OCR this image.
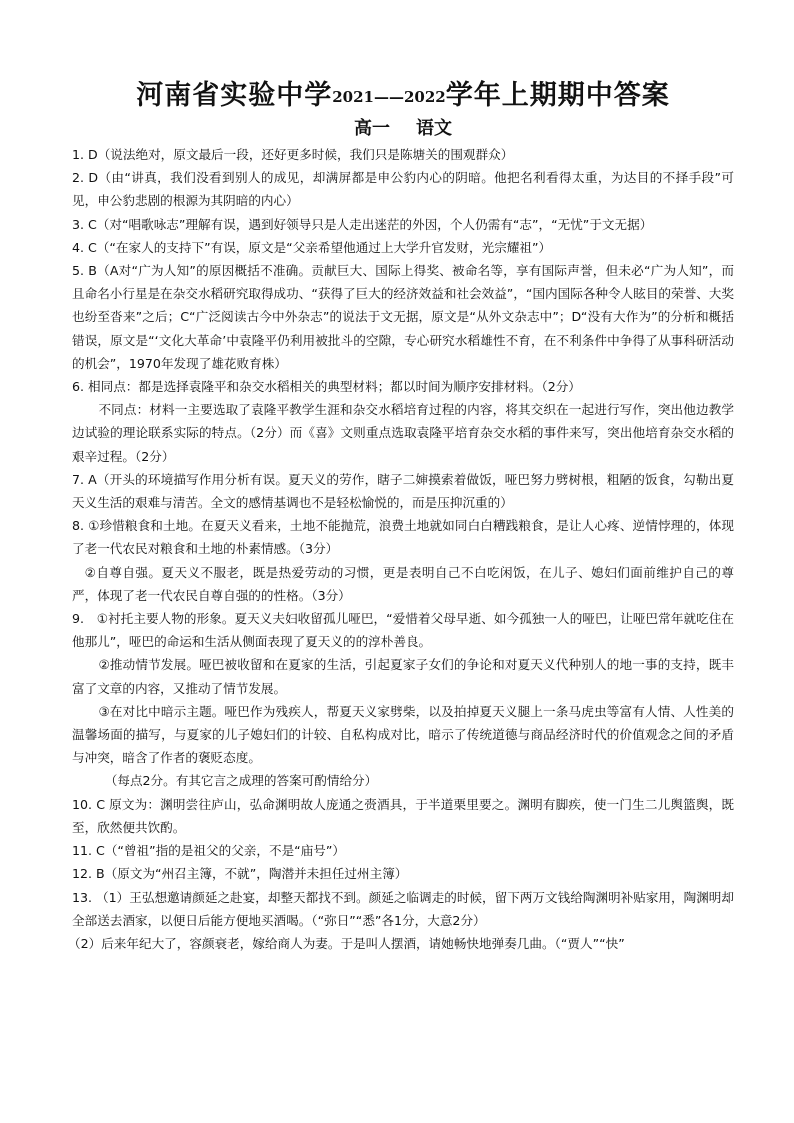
河南省实验中学2021——2022学年上期期中答案
高一 语文

1. D（说法绝对，原文最后一段，还好更多时候，我们只是陈塘关的围观群众）

2. D（由“讲真，我们没看到别人的成见，却满屏都是申公豹内心的阴暗。他把名利看得太重，为达目的不择手段”可见，申公豹悲剧的根源为其阴暗的内心）

3. C（对“唱歌咏志”理解有误，遇到好领导只是人走出迷茫的外因，个人仍需有“志”，“无忧”于文无据）

4. C（“在家人的支持下”有误，原文是“父亲希望他通过上大学升官发财，光宗耀祖”）

5. B（A对“广为人知”的原因概括不准确。贡献巨大、国际上得奖、被命名等，享有国际声誉，但未必“广为人知”，而且命名小行星是在杂交水稻研究取得成功、“获得了巨大的经济效益和社会效益”，“国内国际各种令人眩目的荣誉、大奖也纷至沓来”之后；C“广泛阅读古今中外杂志”的说法于文无据，原文是“从外文杂志中”；D“没有大作为”的分析和概括错误，原文是“‘文化大革命’中袁隆平仍利用被批斗的空隙，专心研究水稻雄性不育，在不利条件中争得了从事科研活动的机会”，1970年发现了雄花败育株）

6. 相同点：都是选择袁隆平和杂交水稻相关的典型材料；都以时间为顺序安排材料。（2分）

不同点：材料一主要选取了袁隆平教学生涯和杂交水稻培育过程的内容，将其交织在一起进行写作，突出他边教学边试验的理论联系实际的特点。（2分）而《喜》文则重点选取袁隆平培育杂交水稻的事件来写，突出他培育杂交水稻的艰辛过程。（2分）

7. A（开头的环境描写作用分析有误。夏天义的劳作，瞎子二婶摸索着做饭，哑巴努力劈树根，粗陋的饭食，勾勒出夏天义生活的艰难与清苦。全文的感情基调也不是轻松愉悦的，而是压抑沉重的）

8. ①珍惜粮食和土地。在夏天义看来，土地不能抛荒，浪费土地就如同白白糟践粮食，是让人心疼、逆情悖理的，体现了老一代农民对粮食和土地的朴素情感。（3分）

②自尊自强。夏天义不服老，既是热爱劳动的习惯，更是表明自己不白吃闲饭，在儿子、媳妇们面前维护自己的尊严，体现了老一代农民自尊自强的的性格。（3分）

9.　①衬托主要人物的形象。夏天义夫妇收留孤儿哑巴，“爱惜着父母早逝、如今孤独一人的哑巴，让哑巴常年就吃住在他那儿”，哑巴的命运和生活从侧面表现了夏天义的的淳朴善良。

②推动情节发展。哑巴被收留和在夏家的生活，引起夏家子女们的争论和对夏天义代种别人的地一事的支持，既丰富了文章的内容，又推动了情节发展。

③在对比中暗示主题。哑巴作为残疾人，帮夏天义家劈柴，以及拍掉夏天义腿上一条马虎虫等富有人情、人性美的温馨场面的描写，与夏家的儿子媳妇们的计较、自私构成对比，暗示了传统道德与商品经济时代的价值观念之间的矛盾与冲突，暗含了作者的褒贬态度。

（每点2分。有其它言之成理的答案可酌情给分）

10. C 原文为：渊明尝往庐山，弘命渊明故人庞通之赍酒具，于半道栗里要之。渊明有脚疾，使一门生二儿舆篮舆，既至，欣然便共饮酌。

11. C（“曾祖”指的是祖父的父亲，不是“庙号”）

12. B（原文为“州召主簿，不就”，陶潜并未担任过州主簿）

13. （1）王弘想邀请颜延之赴宴，却整天都找不到。颜延之临调走的时候，留下两万文钱给陶渊明补贴家用，陶渊明却全部送去酒家，以便日后能方便地买酒喝。（“弥日”“悉”各1分，大意2分）

（2）后来年纪大了，容颜衰老，嫁给商人为妻。于是叫人摆酒，请她畅快地弹奏几曲。（“贾人”“快”
